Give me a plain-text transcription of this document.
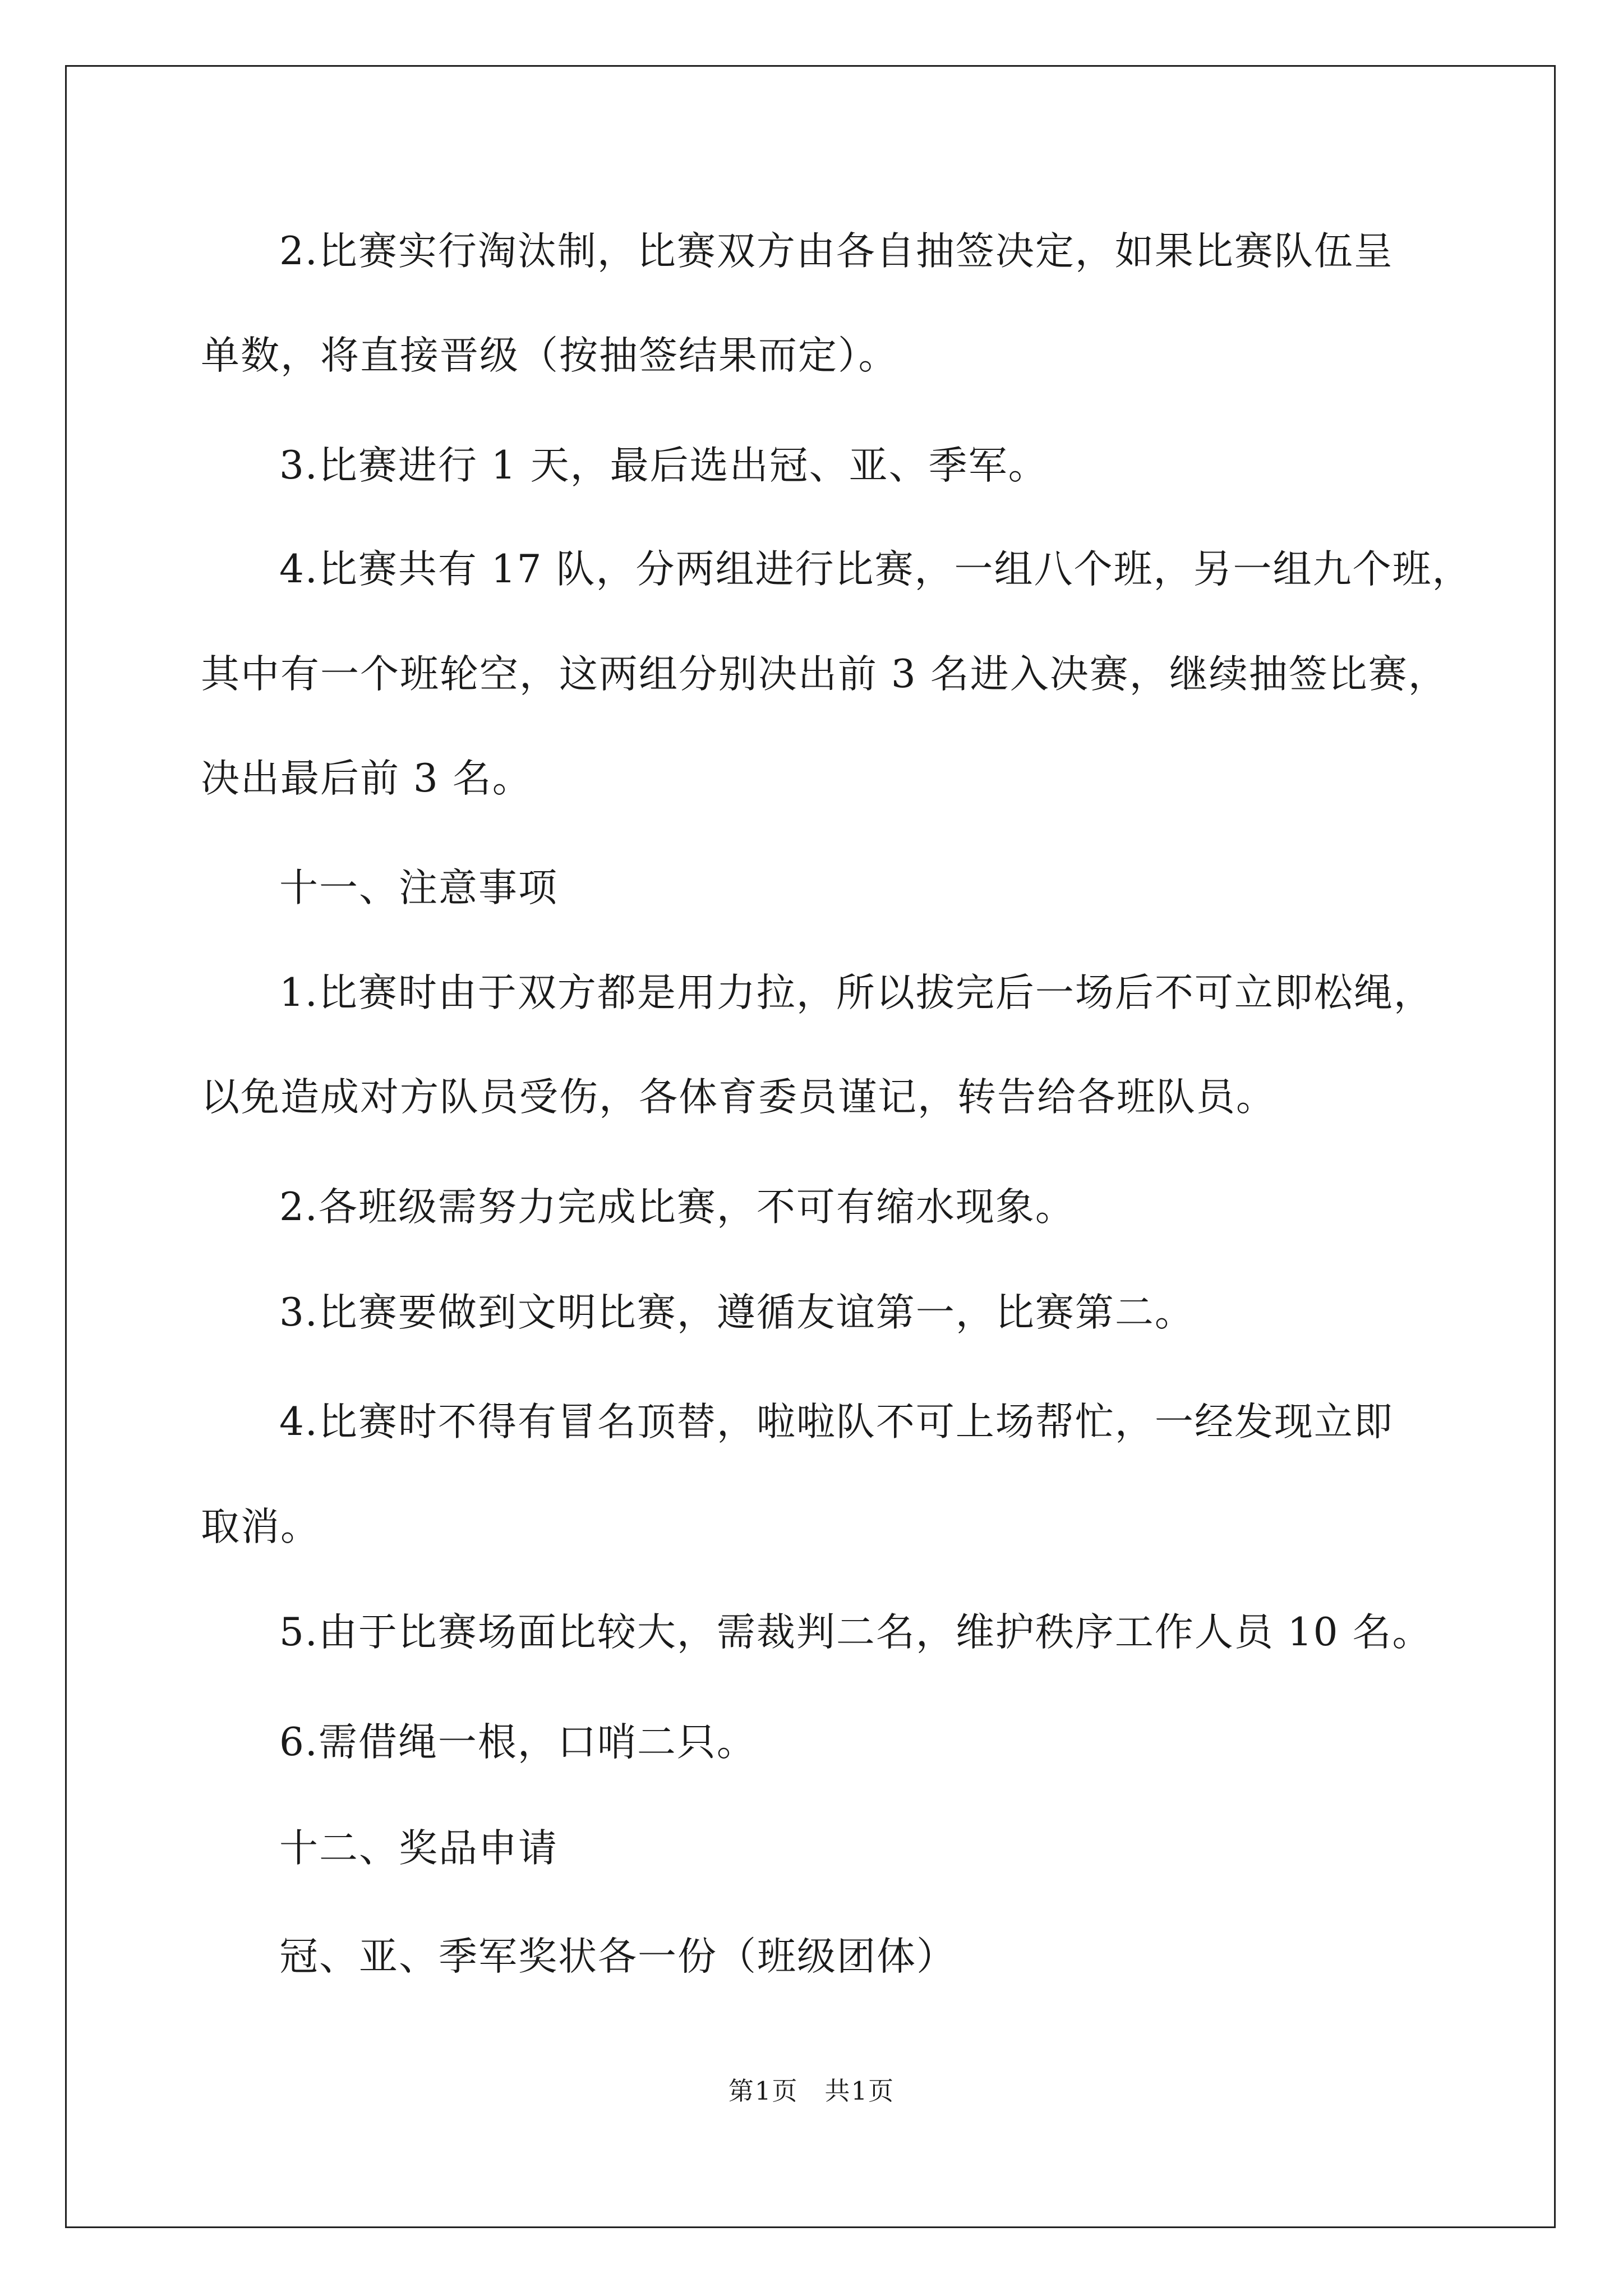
2.比赛实行淘汰制，比赛双方由各自抽签决定，如果比赛队伍呈
单数，将直接晋级（按抽签结果而定）。
3.比赛进行 1 天，最后选出冠、亚、季军。
4.比赛共有 17 队，分两组进行比赛，一组八个班，另一组九个班，
其中有一个班轮空，这两组分别决出前 3 名进入决赛，继续抽签比赛，
决出最后前 3 名。
十一、注意事项
1.比赛时由于双方都是用力拉，所以拔完后一场后不可立即松绳，
以免造成对方队员受伤，各体育委员谨记，转告给各班队员。
2.各班级需努力完成比赛，不可有缩水现象。
3.比赛要做到文明比赛，遵循友谊第一，比赛第二。
4.比赛时不得有冒名顶替，啦啦队不可上场帮忙，一经发现立即
取消。
5.由于比赛场面比较大，需裁判二名，维护秩序工作人员 10 名。
6.需借绳一根，口哨二只。
十二、奖品申请
冠、亚、季军奖状各一份（班级团体）
第1页　共1页
